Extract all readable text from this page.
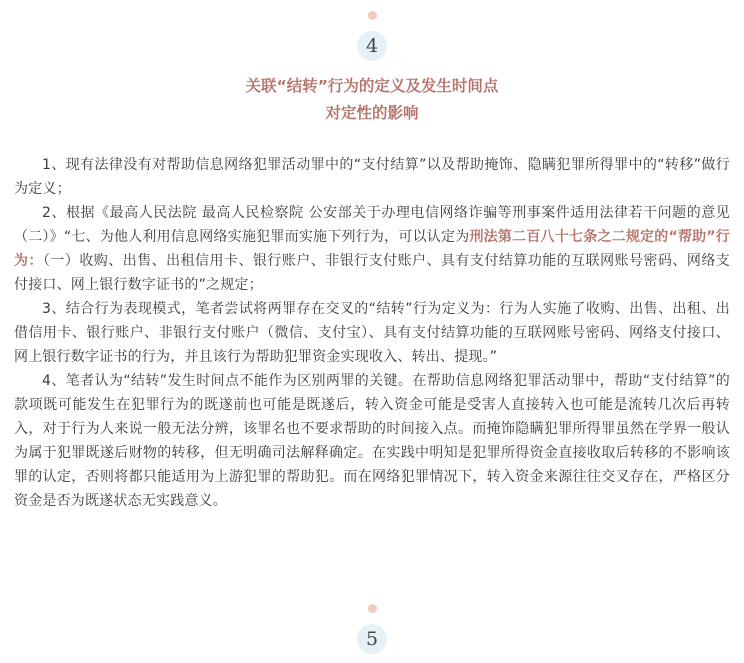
4
关联“结转”行为的定义及发生时间点
对定性的影响

1、现有法律没有对帮助信息网络犯罪活动罪中的“支付结算”以及帮助掩饰、隐瞒犯罪所得罪中的“转移”做行为定义；

2、根据《最高人民法院 最高人民检察院 公安部关于办理电信网络诈骗等刑事案件适用法律若干问题的意见（二）》“七、为他人利用信息网络实施犯罪而实施下列行为，可以认定为刑法第二百八十七条之二规定的“帮助”行为：（一）收购、出售、出租信用卡、银行账户、非银行支付账户、具有支付结算功能的互联网账号密码、网络支付接口、网上银行数字证书的”之规定；

3、结合行为表现模式，笔者尝试将两罪存在交叉的“结转”行为定义为：行为人实施了收购、出售、出租、出借信用卡、银行账户、非银行支付账户（微信、支付宝）、具有支付结算功能的互联网账号密码、网络支付接口、网上银行数字证书的行为，并且该行为帮助犯罪资金实现收入、转出、提现。”

4、笔者认为“结转”发生时间点不能作为区别两罪的关键。在帮助信息网络犯罪活动罪中，帮助“支付结算”的款项既可能发生在犯罪行为的既遂前也可能是既遂后，转入资金可能是受害人直接转入也可能是流转几次后再转入，对于行为人来说一般无法分辨，该罪名也不要求帮助的时间接入点。而掩饰隐瞒犯罪所得罪虽然在学界一般认为属于犯罪既遂后财物的转移，但无明确司法解释确定。在实践中明知是犯罪所得资金直接收取后转移的不影响该罪的认定，否则将都只能适用为上游犯罪的帮助犯。而在网络犯罪情况下，转入资金来源往往交叉存在，严格区分资金是否为既遂状态无实践意义。

5
